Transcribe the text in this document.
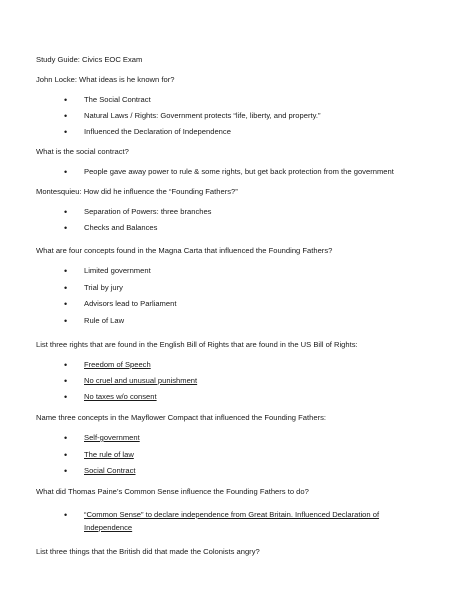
Study Guide: Civics EOC Exam
John Locke: What ideas is he known for?
• The Social Contract
• Natural Laws / Rights: Government protects “life, liberty, and property.”
• Influenced the Declaration of Independence
What is the social contract?
• People gave away power to rule & some rights, but get back protection from the government
Montesquieu: How did he influence the “Founding Fathers?”
• Separation of Powers: three branches
• Checks and Balances
What are four concepts found in the Magna Carta that influenced the Founding Fathers?
• Limited government
• Trial by jury
• Advisors lead to Parliament
• Rule of Law
List three rights that are found in the English Bill of Rights that are found in the US Bill of Rights:
• Freedom of Speech
• No cruel and unusual punishment
• No taxes w/o consent
Name three concepts in the Mayflower Compact that influenced the Founding Fathers:
• Self-government
• The rule of law
• Social Contract
What did Thomas Paine’s Common Sense influence the Founding Fathers to do?
• “Common Sense” to declare independence from Great Britain. Influenced Declaration of
Independence
List three things that the British did that made the Colonists angry?
